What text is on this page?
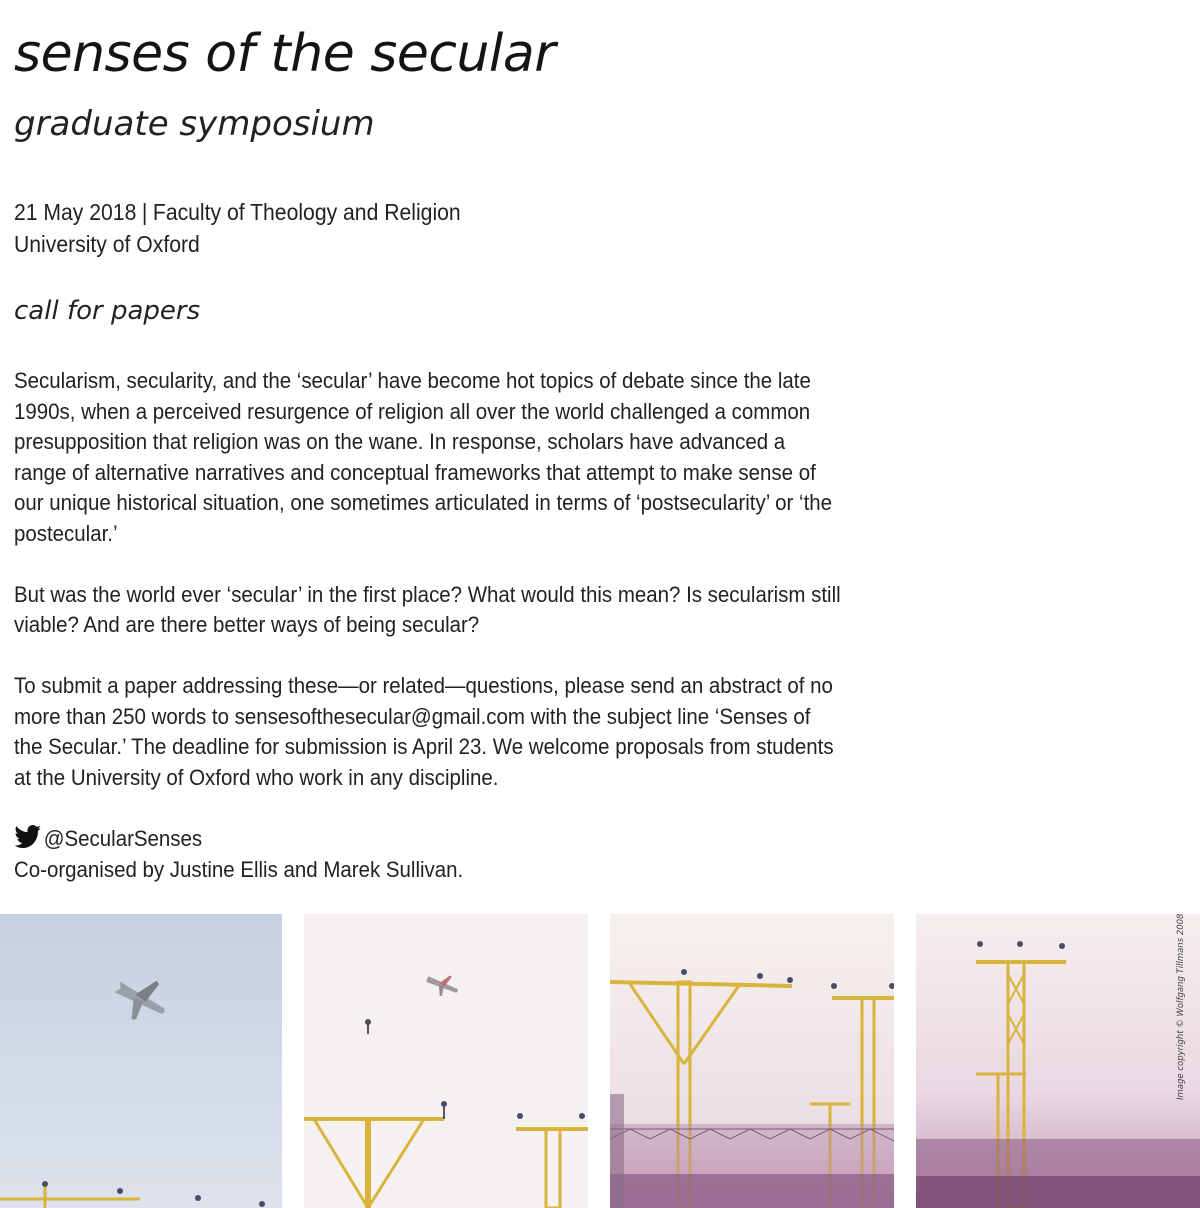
senses of the secular
graduate symposium
21 May 2018 | Faculty of Theology and Religion
University of Oxford
call for papers

Secularism, secularity, and the ‘secular’ have become hot topics of debate since the late 1990s, when a perceived resurgence of religion all over the world challenged a common presupposition that religion was on the wane. In response, scholars have advanced a range of alternative narratives and conceptual frameworks that attempt to make sense of our unique historical situation, one sometimes articulated in terms of ‘postsecularity’ or ‘the postecular.’

But was the world ever ‘secular’ in the first place? What would this mean? Is secularism still viable? And are there better ways of being secular?

To submit a paper addressing these—or related—questions, please send an abstract of no more than 250 words to sensesofthesecular@gmail.com with the subject line ‘Senses of the Secular.’ The deadline for submission is April 23. We welcome proposals from students at the University of Oxford who work in any discipline.

@SecularSenses
Co-organised by Justine Ellis and Marek Sullivan.
Image copyright © Wolfgang Tillmans 2008
